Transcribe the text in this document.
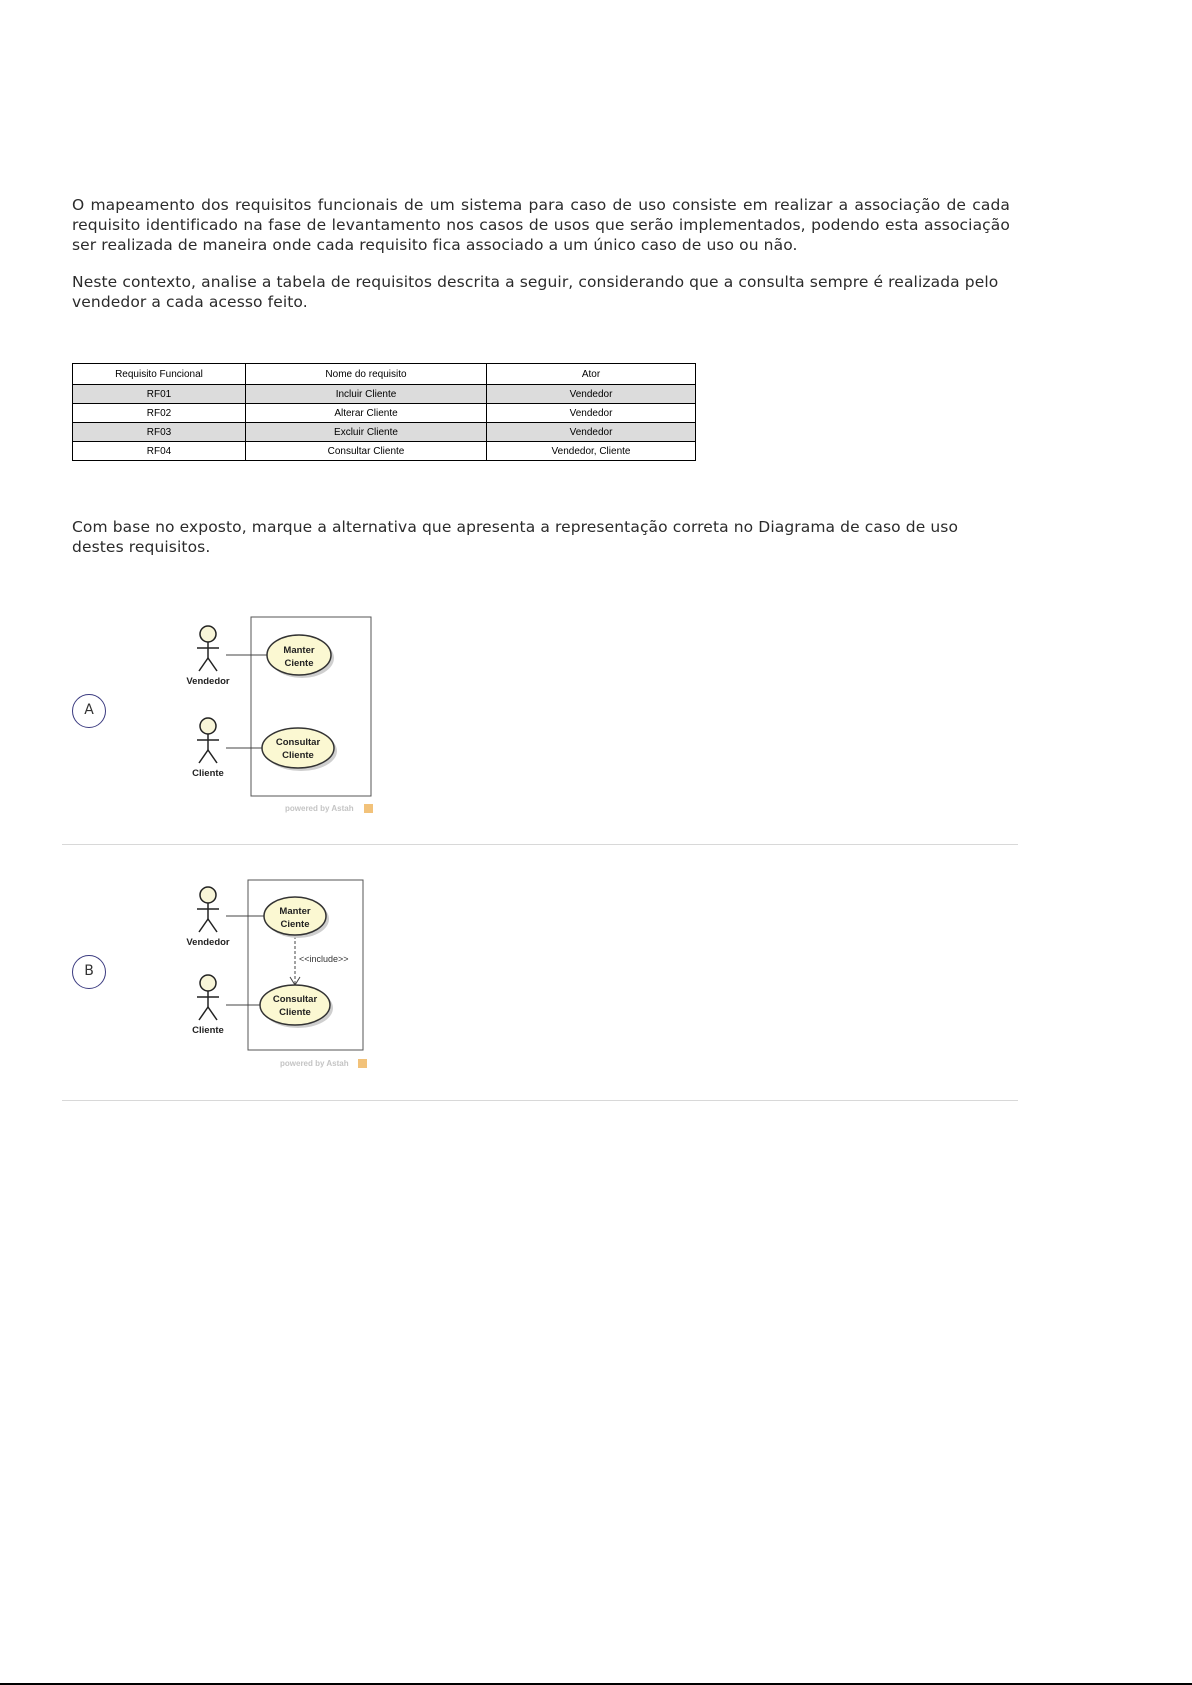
O mapeamento dos requisitos funcionais de um sistema para caso de uso consiste em realizar a associação de cada requisito identificado na fase de levantamento nos casos de usos que serão implementados, podendo esta associação ser realizada de maneira onde cada requisito fica associado a um único caso de uso ou não.

Neste contexto, analise a tabela de requisitos descrita a seguir, considerando que a consulta sempre é realizada pelo vendedor a cada acesso feito.

Requisito Funcional	Nome do requisito	Ator
RF01	Incluir Cliente	Vendedor
RF02	Alterar Cliente	Vendedor
RF03	Excluir Cliente	Vendedor
RF04	Consultar Cliente	Vendedor, Cliente

Com base no exposto, marque a alternativa que apresenta a representação correta no Diagrama de caso de uso destes requisitos.

A
Vendedor
Cliente
Manter
Ciente
Consultar
Cliente
powered by Astah
B
Vendedor
Cliente
<<include>>
Manter
Ciente
Consultar
Cliente
powered by Astah
